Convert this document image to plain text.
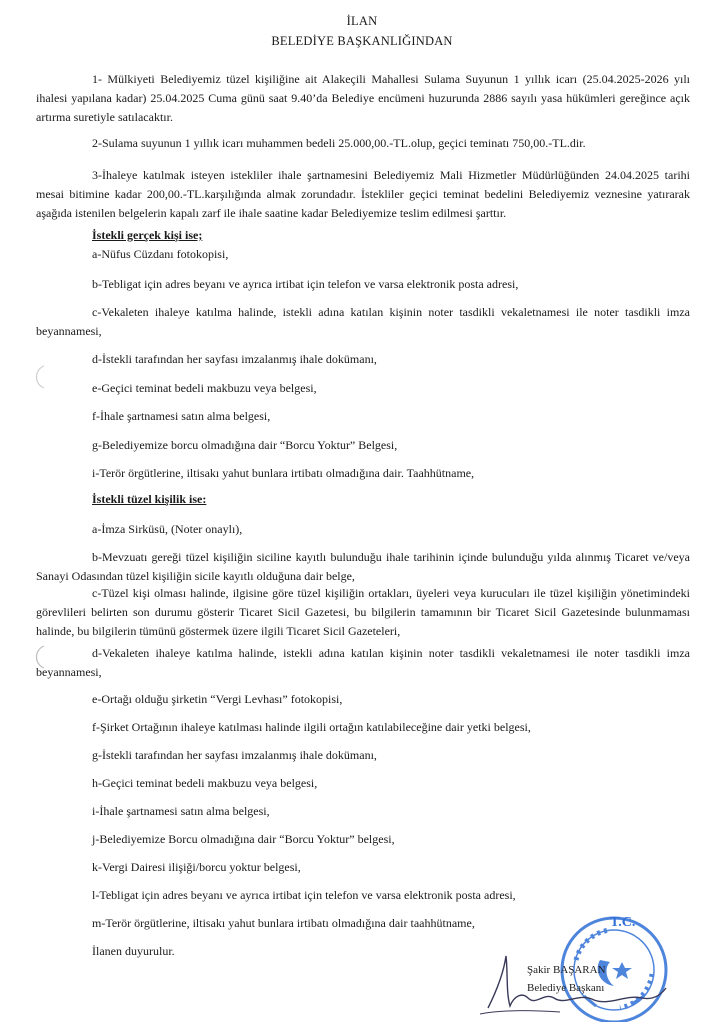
İLAN
BELEDİYE BAŞKANLIĞINDAN
1- Mülkiyeti Belediyemiz tüzel kişiliğine ait Alakeçili Mahallesi Sulama Suyunun 1 yıllık icarı (25.04.2025-2026 yılı ihalesi yapılana kadar) 25.04.2025 Cuma günü saat 9.40’da Belediye encümeni huzurunda 2886 sayılı yasa hükümleri gereğince açık artırma suretiyle satılacaktır.
2-Sulama suyunun 1 yıllık icarı muhammen bedeli 25.000,00.-TL.olup, geçici teminatı 750,00.-TL.dir.
3-İhaleye katılmak isteyen istekliler ihale şartnamesini Belediyemiz Mali Hizmetler Müdürlüğünden 24.04.2025 tarihi mesai bitimine kadar 200,00.-TL.karşılığında almak zorundadır. İstekliler geçici teminat bedelini Belediyemiz veznesine yatırarak aşağıda istenilen belgelerin kapalı zarf ile ihale saatine kadar Belediyemize teslim edilmesi şarttır.
İstekli gerçek kişi ise;
a-Nüfus Cüzdanı fotokopisi,
b-Tebligat için adres beyanı ve ayrıca irtibat için telefon ve varsa elektronik posta adresi,
c-Vekaleten ihaleye katılma halinde, istekli adına katılan kişinin noter tasdikli vekaletnamesi ile noter tasdikli imza beyannamesi,
d-İstekli tarafından her sayfası imzalanmış ihale dokümanı,
e-Geçici teminat bedeli makbuzu veya belgesi,
f-İhale şartnamesi satın alma belgesi,
g-Belediyemize borcu olmadığına dair “Borcu Yoktur” Belgesi,
i-Terör örgütlerine, iltisakı yahut bunlara irtibatı olmadığına dair. Taahhütname,
İstekli tüzel kişilik ise:
a-İmza Sirküsü, (Noter onaylı),
b-Mevzuatı gereği tüzel kişiliğin siciline kayıtlı bulunduğu ihale tarihinin içinde bulunduğu yılda alınmış Ticaret ve/veya Sanayi Odasından tüzel kişiliğin sicile kayıtlı olduğuna dair belge,
c-Tüzel kişi olması halinde, ilgisine göre tüzel kişiliğin ortakları, üyeleri veya kurucuları ile tüzel kişiliğin yönetimindeki görevlileri belirten son durumu gösterir Ticaret Sicil Gazetesi, bu bilgilerin tamamının bir Ticaret Sicil Gazetesinde bulunmaması halinde, bu bilgilerin tümünü göstermek üzere ilgili Ticaret Sicil Gazeteleri,
d-Vekaleten ihaleye katılma halinde, istekli adına katılan kişinin noter tasdikli vekaletnamesi ile noter tasdikli imza beyannamesi,
e-Ortağı olduğu şirketin “Vergi Levhası” fotokopisi,
f-Şirket Ortağının ihaleye katılması halinde ilgili ortağın katılabileceğine dair yetki belgesi,
g-İstekli tarafından her sayfası imzalanmış ihale dokümanı,
h-Geçici teminat bedeli makbuzu veya belgesi,
i-İhale şartnamesi satın alma belgesi,
j-Belediyemize Borcu olmadığına dair “Borcu Yoktur” belgesi,
k-Vergi Dairesi ilişiği/borcu yoktur belgesi,
l-Tebligat için adres beyanı ve ayrıca irtibat için telefon ve varsa elektronik posta adresi,
m-Terör örgütlerine, iltisakı yahut bunlara irtibatı olmadığına dair taahhütname,
İlanen duyurulur.
T.C.
Şakir BAŞARAN
Belediye Başkanı
